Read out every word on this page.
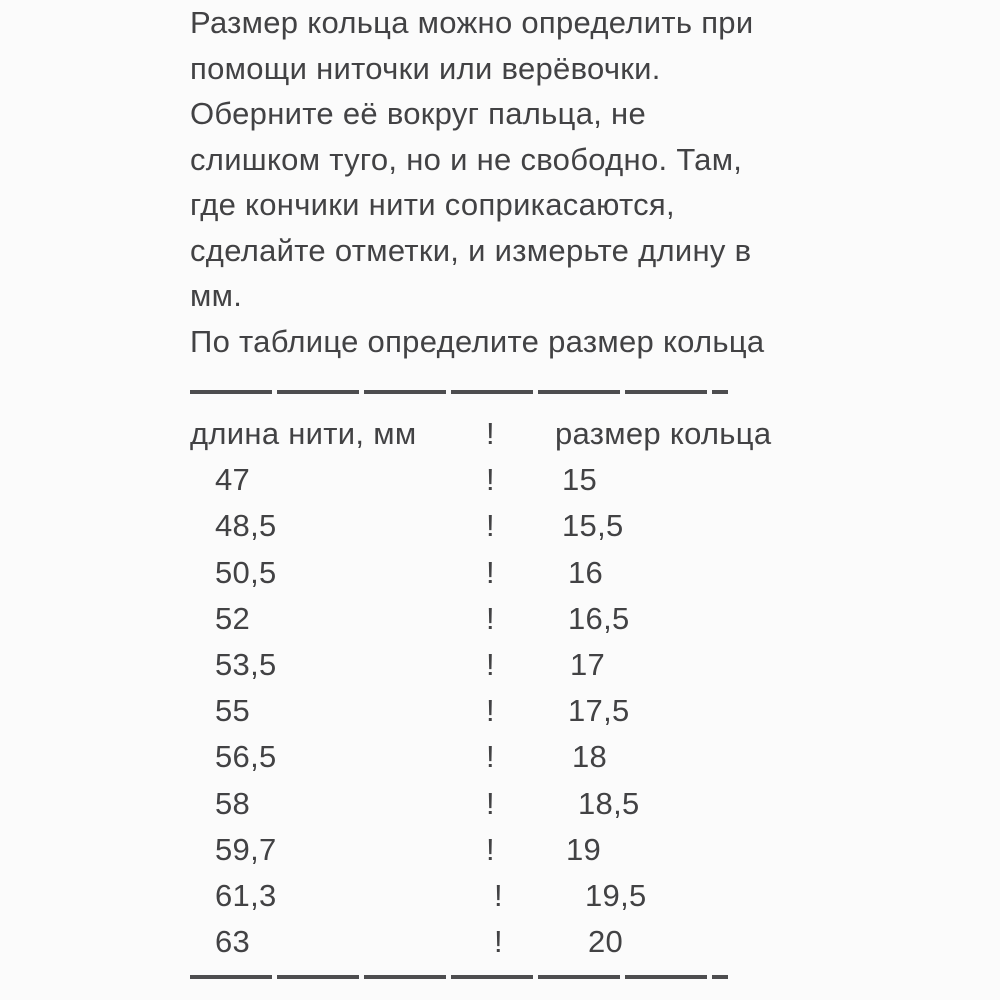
Размер кольца можно определить при
помощи ниточки или верёвочки.
Оберните её вокруг пальца, не
слишком туго, но и не свободно. Там,
где кончики нити соприкасаются,
сделайте отметки, и измерьте длину в
мм.
По таблице определите размер кольца
длина нити, мм	!	размер кольца
47	!	15
48,5	!	15,5
50,5	!	16
52	!	16,5
53,5	!	17
55	!	17,5
56,5	!	18
58	!	18,5
59,7	!	19
61,3	!	19,5
63	!	20
